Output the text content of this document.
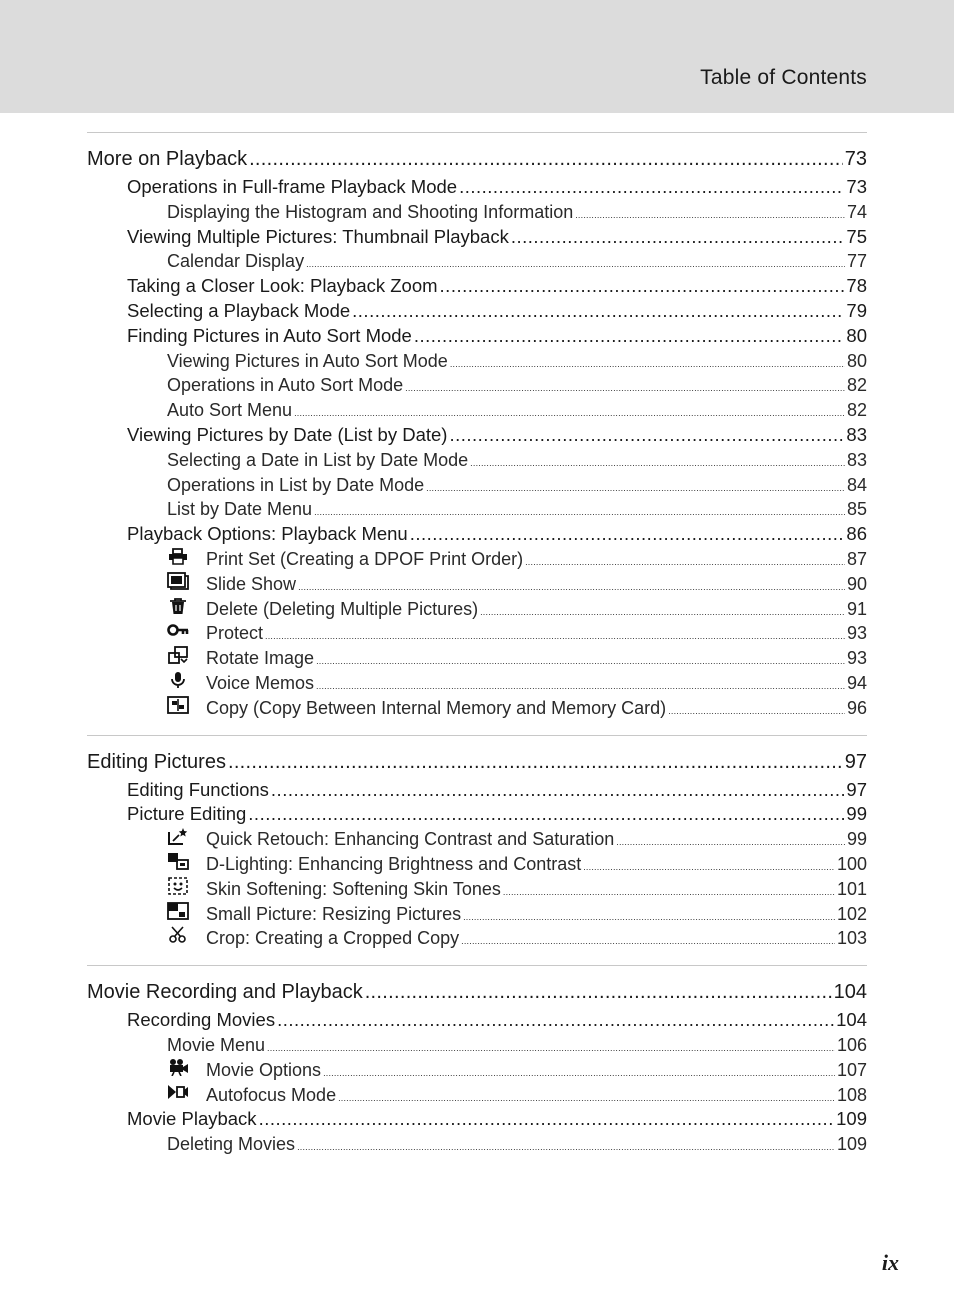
Table of Contents
More on Playback .....	73
Operations in Full-frame Playback Mode .....	73
Displaying the Histogram and Shooting Information .....	74
Viewing Multiple Pictures: Thumbnail Playback .....	75
Calendar Display .....	77
Taking a Closer Look: Playback Zoom .....	78
Selecting a Playback Mode .....	79
Finding Pictures in Auto Sort Mode .....	80
Viewing Pictures in Auto Sort Mode .....	80
Operations in Auto Sort Mode .....	82
Auto Sort Menu .....	82
Viewing Pictures by Date (List by Date) .....	83
Selecting a Date in List by Date Mode .....	83
Operations in List by Date Mode .....	84
List by Date Menu .....	85
Playback Options: Playback Menu .....	86
Print Set (Creating a DPOF Print Order) .....	87
Slide Show .....	90
Delete (Deleting Multiple Pictures) .....	91
Protect .....	93
Rotate Image .....	93
Voice Memos .....	94
Copy (Copy Between Internal Memory and Memory Card) .....	96
Editing Pictures .....	97
Editing Functions .....	97
Picture Editing .....	99
Quick Retouch: Enhancing Contrast and Saturation .....	99
D-Lighting: Enhancing Brightness and Contrast .....	100
Skin Softening: Softening Skin Tones .....	101
Small Picture: Resizing Pictures .....	102
Crop: Creating a Cropped Copy .....	103
Movie Recording and Playback .....	104
Recording Movies .....	104
Movie Menu .....	106
Movie Options .....	107
Autofocus Mode .....	108
Movie Playback .....	109
Deleting Movies .....	109
ix
